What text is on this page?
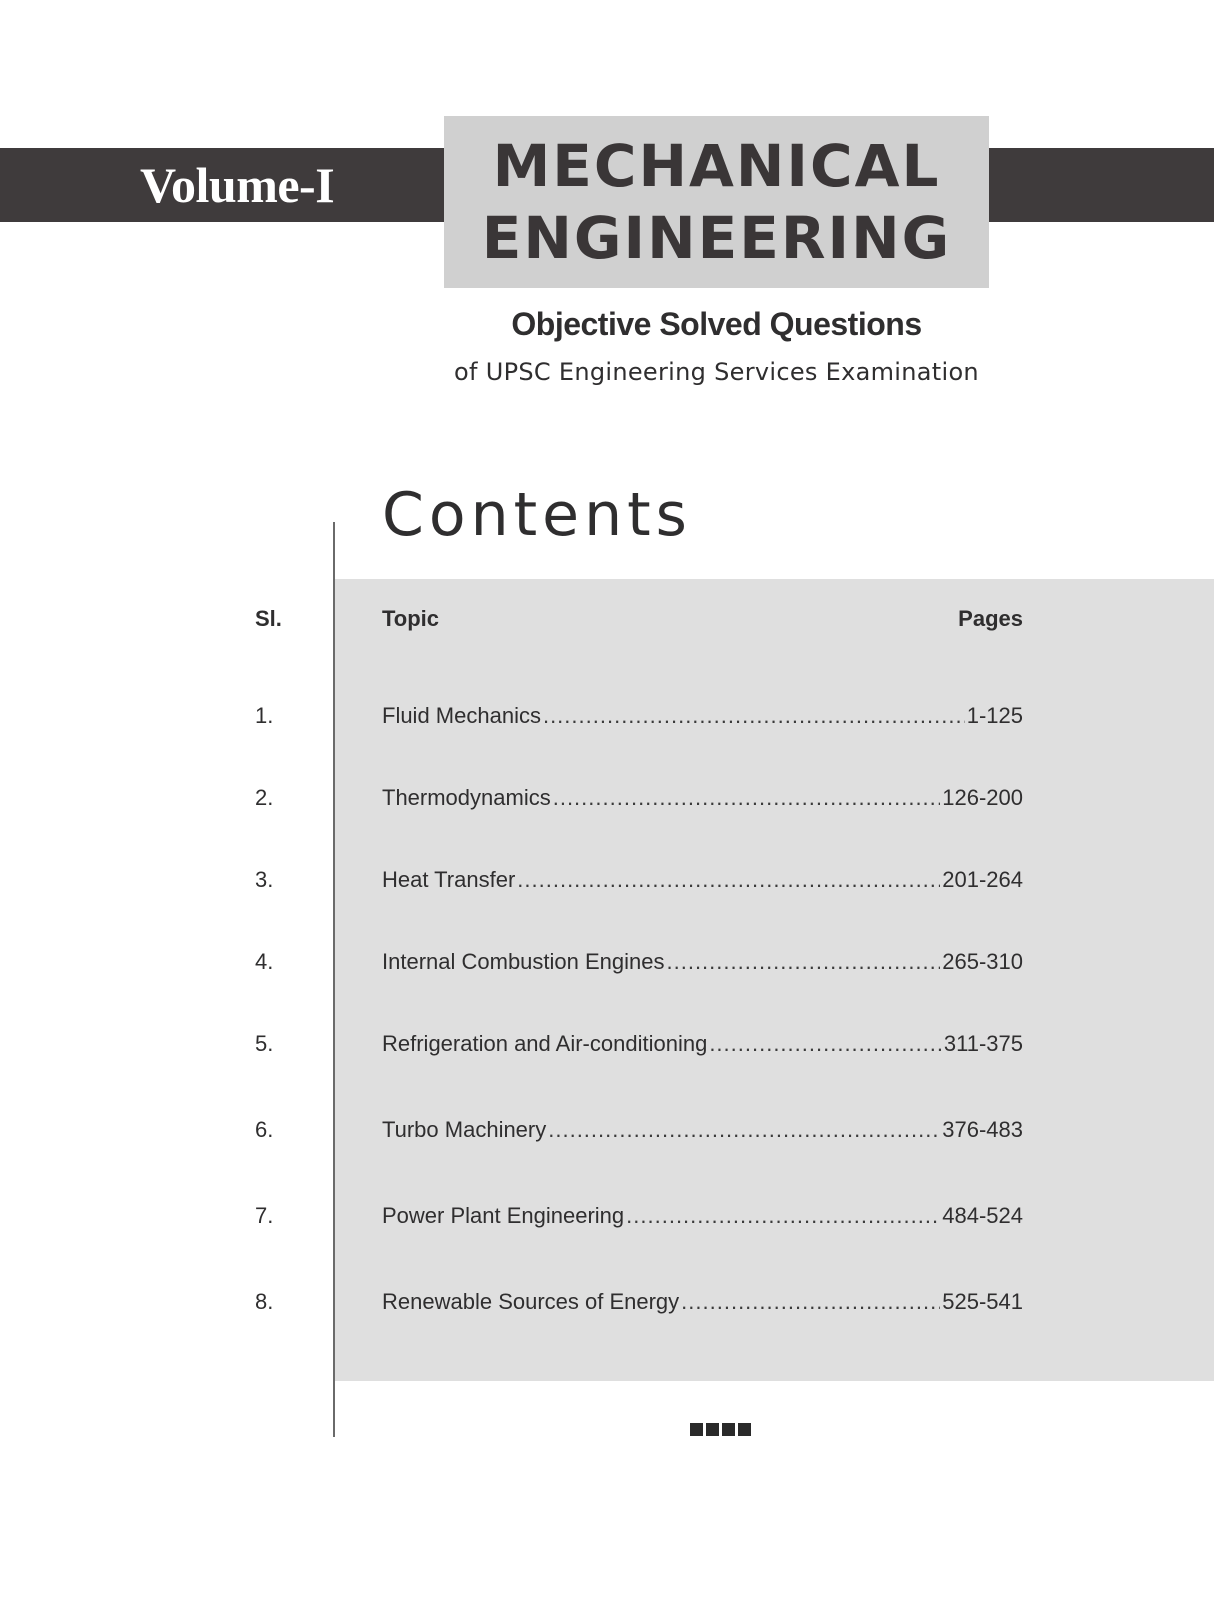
Volume-I	MECHANICAL
ENGINEERING
Objective Solved Questions
of UPSC Engineering Services Examination
Contents
Sl.	Topic	Pages
1.	Fluid Mechanics .....	1-125
2.	Thermodynamics .....	126-200
3.	Heat Transfer .....	201-264
4.	Internal Combustion Engines .....	265-310
5.	Refrigeration and Air-conditioning .....	311-375
6.	Turbo Machinery .....	376-483
7.	Power Plant Engineering .....	484-524
8.	Renewable Sources of Energy .....	525-541
